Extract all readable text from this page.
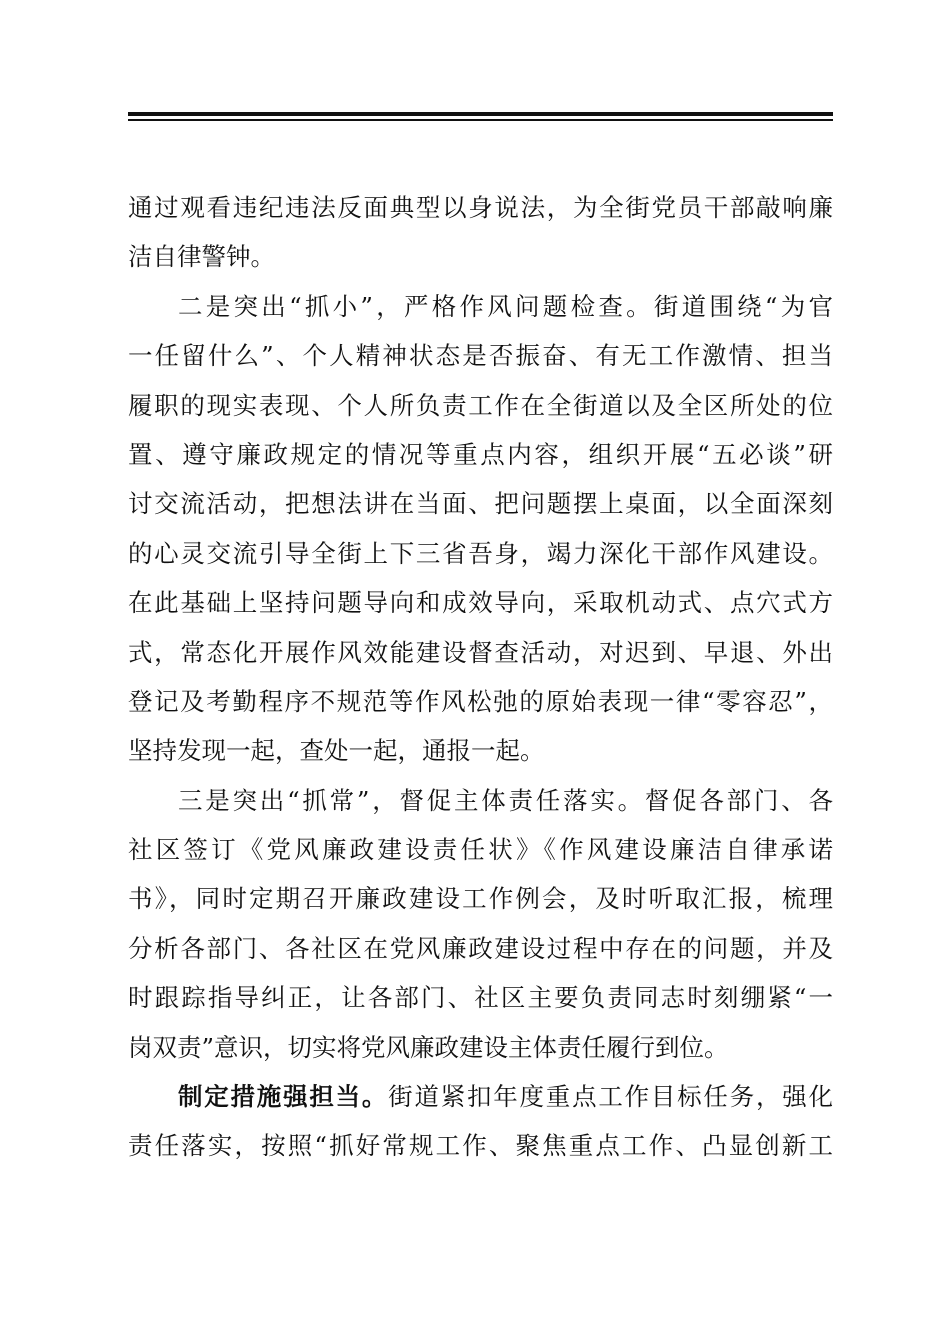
通过观看违纪违法反面典型以身说法，为全街党员干部敲响廉
洁自律警钟。
二是突出“抓小”，严格作风问题检查。街道围绕“为官
一任留什么”、个人精神状态是否振奋、有无工作激情、担当
履职的现实表现、个人所负责工作在全街道以及全区所处的位
置、遵守廉政规定的情况等重点内容，组织开展“五必谈”研
讨交流活动，把想法讲在当面、把问题摆上桌面，以全面深刻
的心灵交流引导全街上下三省吾身，竭力深化干部作风建设。
在此基础上坚持问题导向和成效导向，采取机动式、点穴式方
式，常态化开展作风效能建设督查活动，对迟到、早退、外出
登记及考勤程序不规范等作风松弛的原始表现一律“零容忍”，
坚持发现一起，查处一起，通报一起。
三是突出“抓常”，督促主体责任落实。督促各部门、各
社区签订《党风廉政建设责任状》《作风建设廉洁自律承诺
书》，同时定期召开廉政建设工作例会，及时听取汇报，梳理
分析各部门、各社区在党风廉政建设过程中存在的问题，并及
时跟踪指导纠正，让各部门、社区主要负责同志时刻绷紧“一
岗双责”意识，切实将党风廉政建设主体责任履行到位。
制定措施强担当。街道紧扣年度重点工作目标任务，强化
责任落实，按照“抓好常规工作、聚焦重点工作、凸显创新工
